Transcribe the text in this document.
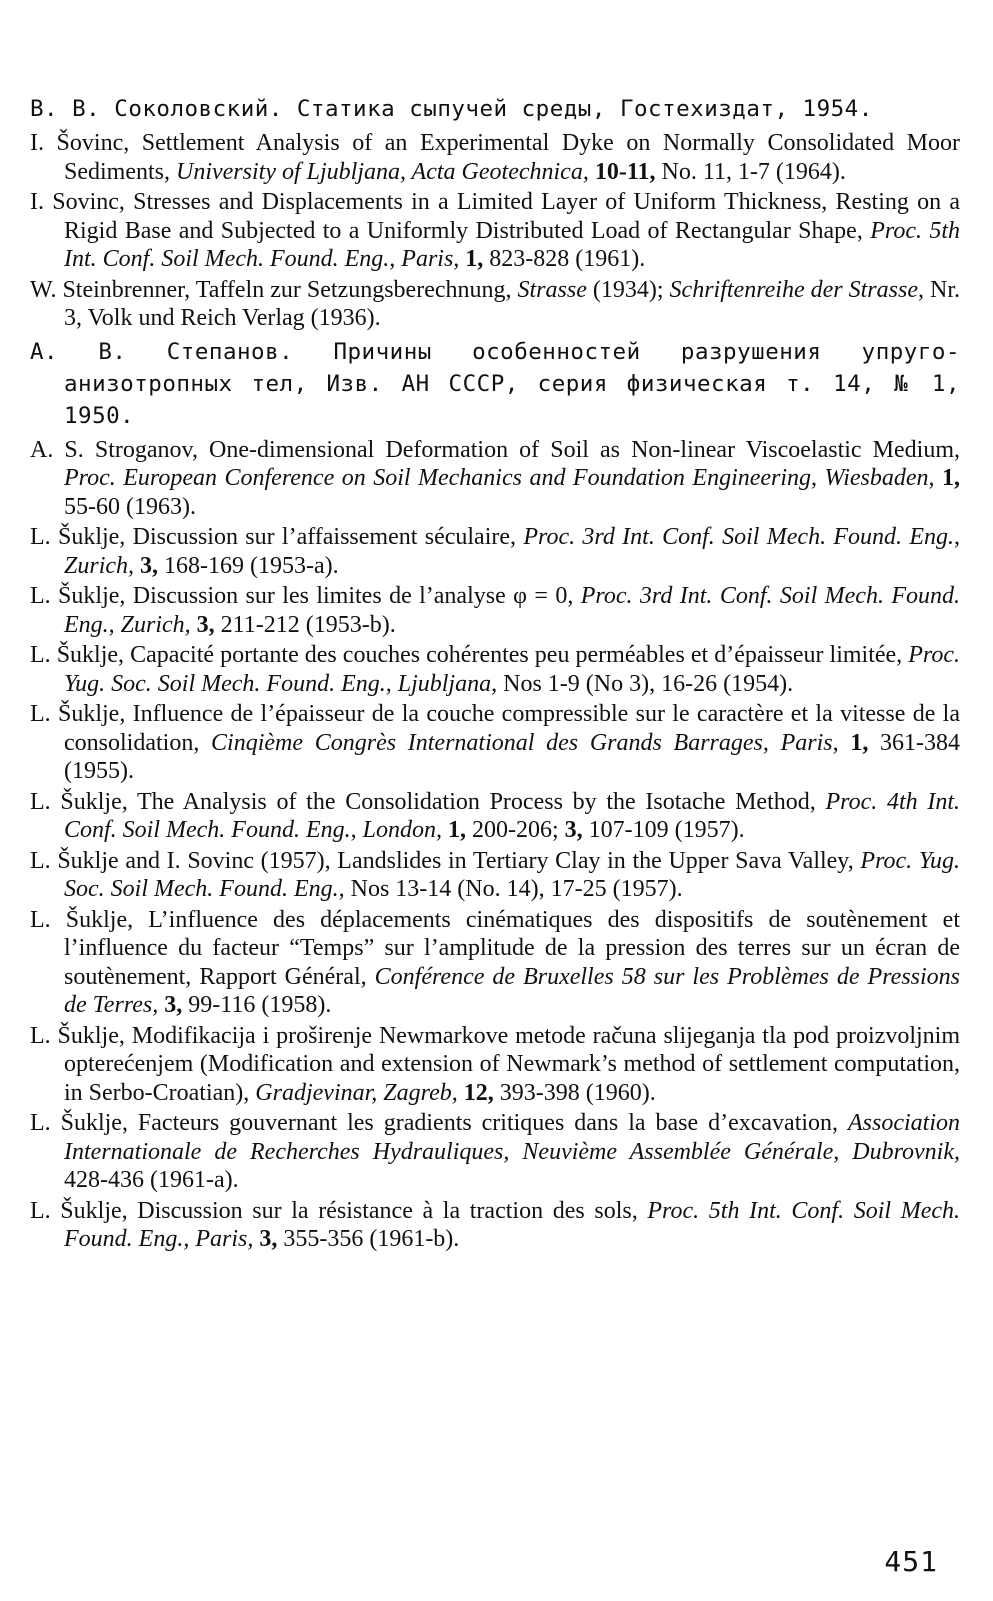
В. В. Соколовский. Статика сыпучей среды, Гостехиздат, 1954.

I. Šovinc, Settlement Analysis of an Experimental Dyke on Normally Consolidated Moor Sediments, University of Ljubljana, Acta Geotechnica, 10-11, No. 11, 1-7 (1964).

I. Sovinc, Stresses and Displacements in a Limited Layer of Uniform Thickness, Resting on a Rigid Base and Subjected to a Uniformly Distributed Load of Rectangular Shape, Proc. 5th Int. Conf. Soil Mech. Found. Eng., Paris, 1, 823-828 (1961).

W. Steinbrenner, Taffeln zur Setzungsberechnung, Strasse (1934); Schriftenreihe der Strasse, Nr. 3, Volk und Reich Verlag (1936).

А. В. Степанов. Причины особенностей разрушения упруго-анизотропных тел, Изв. АН СССР, серия физическая т. 14, № 1, 1950.

A. S. Stroganov, One-dimensional Deformation of Soil as Non-linear Viscoelastic Medium, Proc. European Conference on Soil Mechanics and Foundation Engineering, Wiesbaden, 1, 55-60 (1963).

L. Šuklje, Discussion sur l’affaissement séculaire, Proc. 3rd Int. Conf. Soil Mech. Found. Eng., Zurich, 3, 168-169 (1953-a).

L. Šuklje, Discussion sur les limites de l’analyse φ = 0, Proc. 3rd Int. Conf. Soil Mech. Found. Eng., Zurich, 3, 211-212 (1953-b).

L. Šuklje, Capacité portante des couches cohérentes peu perméables et d’épaisseur limitée, Proc. Yug. Soc. Soil Mech. Found. Eng., Ljubljana, Nos 1-9 (No 3), 16-26 (1954).

L. Šuklje, Influence de l’épaisseur de la couche compressible sur le caractère et la vitesse de la consolidation, Cinqième Congrès International des Grands Barrages, Paris, 1, 361-384 (1955).

L. Šuklje, The Analysis of the Consolidation Process by the Isotache Method, Proc. 4th Int. Conf. Soil Mech. Found. Eng., London, 1, 200-206; 3, 107-109 (1957).

L. Šuklje and I. Sovinc (1957), Landslides in Tertiary Clay in the Upper Sava Valley, Proc. Yug. Soc. Soil Mech. Found. Eng., Nos 13-14 (No. 14), 17-25 (1957).

L. Šuklje, L’influence des déplacements cinématiques des dispositifs de soutènement et l’influence du facteur “Temps” sur l’amplitude de la pression des terres sur un écran de soutènement, Rapport Général, Conférence de Bruxelles 58 sur les Problèmes de Pressions de Terres, 3, 99-116 (1958).

L. Šuklje, Modifikacija i proširenje Newmarkove metode računa slijeganja tla pod proizvoljnim opterećenjem (Modification and extension of Newmark’s method of settlement computation, in Serbo-Croatian), Gradjevinar, Zagreb, 12, 393-398 (1960).

L. Šuklje, Facteurs gouvernant les gradients critiques dans la base d’excavation, Association Internationale de Recherches Hydrauliques, Neuvième Assemblée Générale, Dubrovnik, 428-436 (1961-a).

L. Šuklje, Discussion sur la résistance à la traction des sols, Proc. 5th Int. Conf. Soil Mech. Found. Eng., Paris, 3, 355-356 (1961-b).

451
